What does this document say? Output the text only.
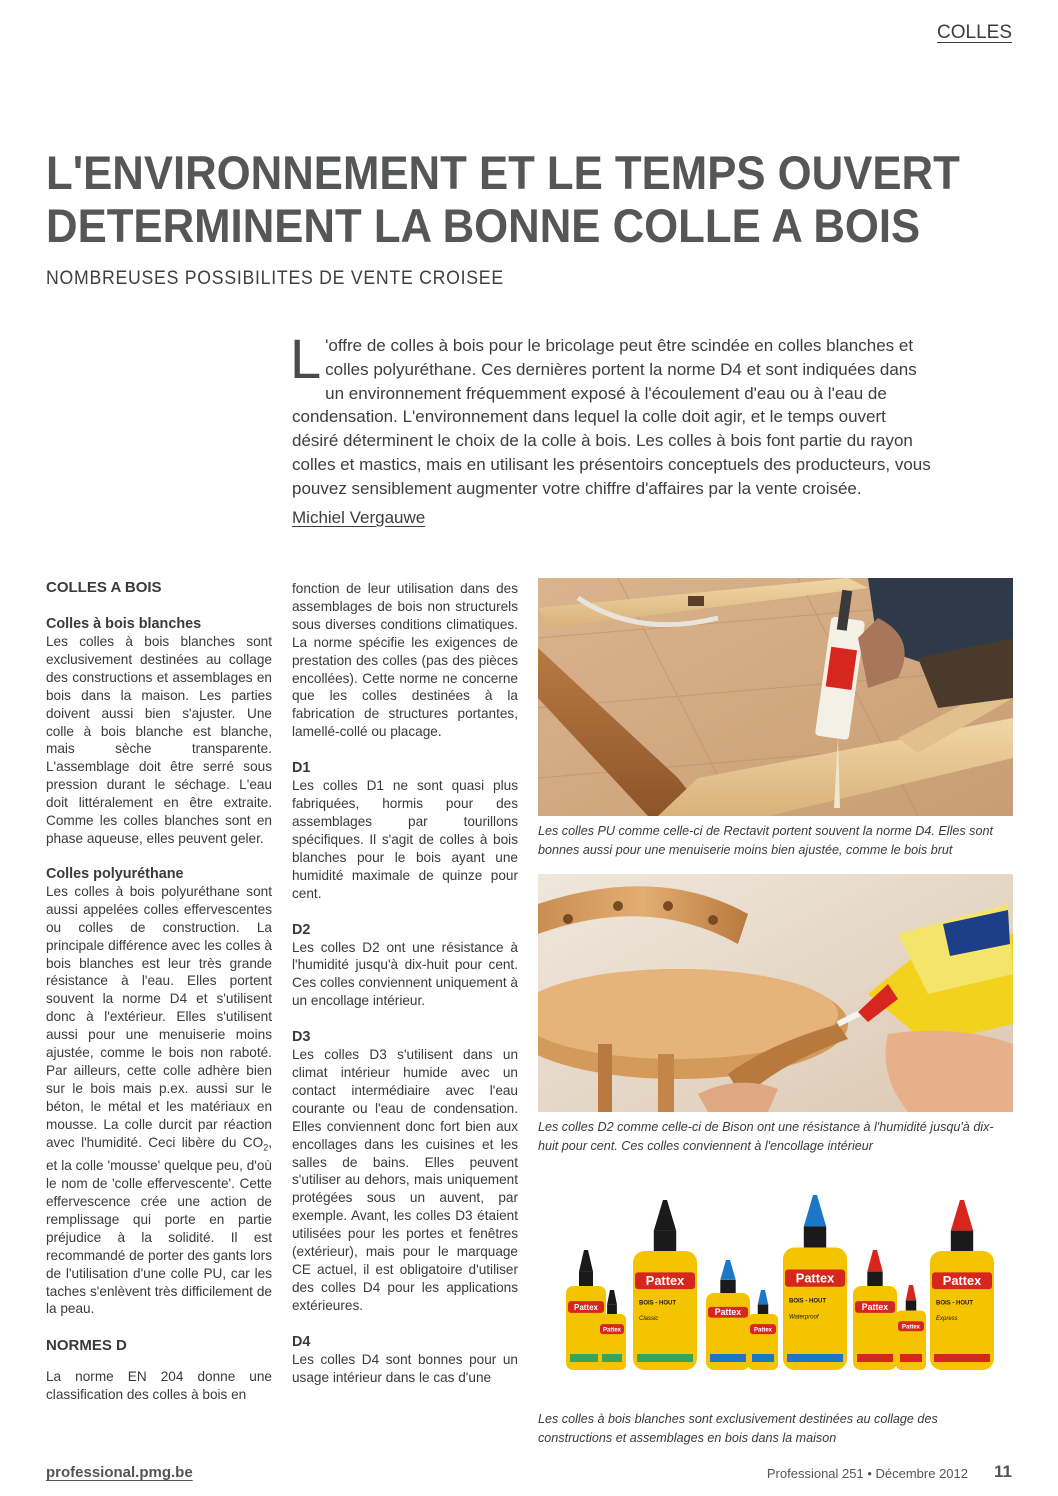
COLLES
L'ENVIRONNEMENT ET LE TEMPS OUVERT
DETERMINENT LA BONNE COLLE A BOIS
NOMBREUSES POSSIBILITES DE VENTE CROISEE

L 'offre de colles à bois pour le bricolage peut être scindée en colles blanches et colles polyuréthane. Ces dernières portent la norme D4 et sont indiquées dans un environnement fréquemment exposé à l'écoulement d'eau ou à l'eau de condensation. L'environnement dans lequel la colle doit agir, et le temps ouvert désiré déterminent le choix de la colle à bois. Les colles à bois font partie du rayon colles et mastics, mais en utilisant les présentoirs conceptuels des producteurs, vous pouvez sensiblement augmenter votre chiffre d'affaires par la vente croisée.

Michiel Vergauwe
COLLES A BOIS
Colles à bois blanches

Les colles à bois blanches sont exclusivement destinées au collage des constructions et assemblages en bois dans la maison. Les parties doivent aussi bien s'ajuster. Une colle à bois blanche est blanche, mais sèche transparente. L'assemblage doit être serré sous pression durant le séchage. L'eau doit littéralement en être extraite. Comme les colles blanches sont en phase aqueuse, elles peuvent geler.

Colles polyuréthane

Les colles à bois polyuréthane sont aussi appelées colles effervescentes ou colles de construction. La principale différence avec les colles à bois blanches est leur très grande résistance à l'eau. Elles portent souvent la norme D4 et s'utilisent donc à l'extérieur. Elles s'utilisent aussi pour une menuiserie moins ajustée, comme le bois non raboté. Par ailleurs, cette colle adhère bien sur le bois mais p.ex. aussi sur le béton, le métal et les matériaux en mousse. La colle durcit par réaction avec l'humidité. Ceci libère du $CO_2$, et la colle 'mousse' quelque peu, d'où le nom de 'colle effervescente'. Cette effervescence crée une action de remplissage qui porte en partie préjudice à la solidité. Il est recommandé de porter des gants lors de l'utilisation d'une colle PU, car les taches s'enlèvent très difficilement de la peau.

NORMES D

La norme EN 204 donne une classification des colles à bois en

fonction de leur utilisation dans des assemblages de bois non structurels sous diverses conditions climatiques. La norme spécifie les exigences de prestation des colles (pas des pièces encollées). Cette norme ne concerne que les colles destinées à la fabrication de structures portantes, lamellé-collé ou placage.

D1

Les colles D1 ne sont quasi plus fabriquées, hormis pour des assemblages par tourillons spécifiques. Il s'agit de colles à bois blanches pour le bois ayant une humidité maximale de quinze pour cent.

D2

Les colles D2 ont une résistance à l'humidité jusqu'à dix-huit pour cent. Ces colles conviennent uniquement à un encollage intérieur.

D3

Les colles D3 s'utilisent dans un climat intérieur humide avec un contact intermédiaire avec l'eau courante ou l'eau de condensation. Elles conviennent donc fort bien aux encollages dans les cuisines et les salles de bains. Elles peuvent s'utiliser au dehors, mais uniquement protégées sous un auvent, par exemple. Avant, les colles D3 étaient utilisées pour les portes et fenêtres (extérieur), mais pour le marquage CE actuel, il est obligatoire d'utiliser des colles D4 pour les applications extérieures.

D4

Les colles D4 sont bonnes pour un usage intérieur dans le cas d'une

Les colles PU comme celle-ci de Rectavit portent souvent la norme D4. Elles sont bonnes aussi pour une menuiserie moins bien ajustée, comme le bois brut
Les colles D2 comme celle-ci de Bison ont une résistance à l'humidité jusqu'à dix-huit pour cent. Ces colles conviennent à l'encollage intérieur
Pattex
Pattex
Pattex
BOIS - HOUT
Classic
Pattex
Pattex
Pattex
BOIS - HOUT
Waterproof
Pattex
Pattex
Pattex
BOIS - HOUT
Express
Les colles à bois blanches sont exclusivement destinées au collage des constructions et assemblages en bois dans la maison
professional.pmg.be	Professional 251 • Décembre 2012 11
